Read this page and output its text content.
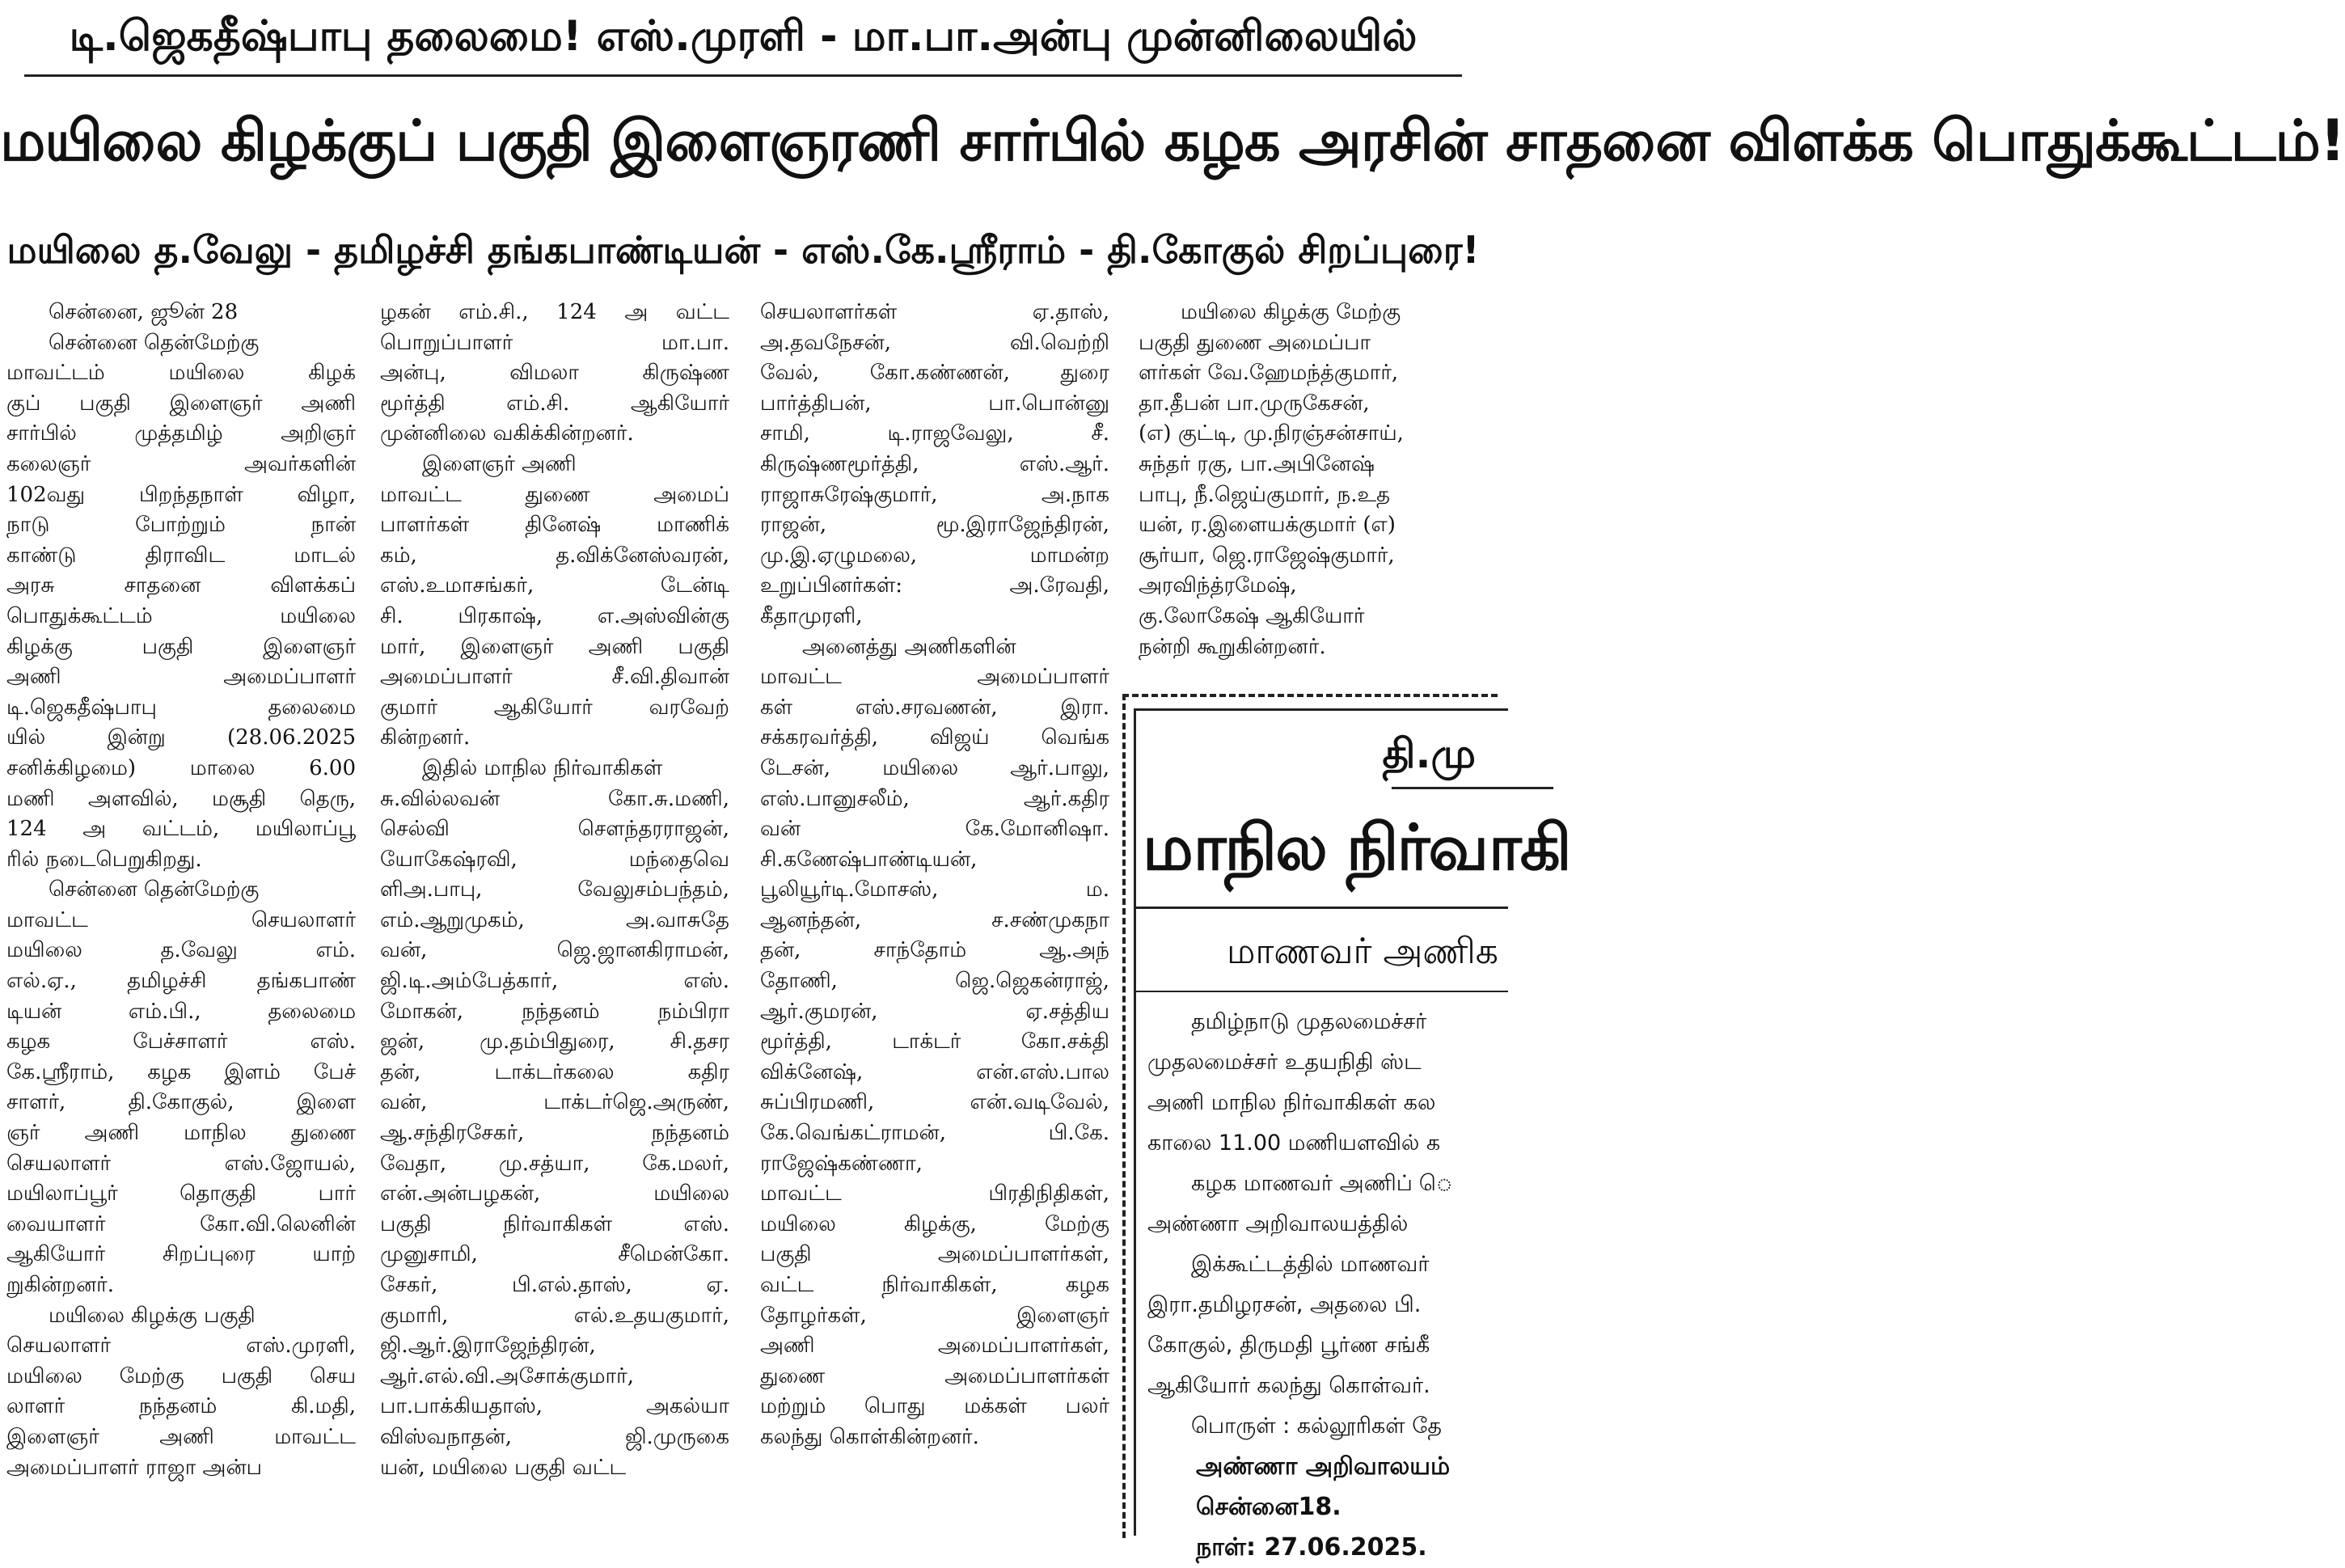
டி.ஜெகதீஷ்பாபு தலைமை! எஸ்.முரளி - மா.பா.அன்பு முன்னிலையில்
மயிலை கிழக்குப் பகுதி இளைஞரணி சார்பில் கழக அரசின் சாதனை விளக்க பொதுக்கூட்டம்!
மயிலை த.வேலு - தமிழச்சி தங்கபாண்டியன் - எஸ்.கே.ஸ்ரீராம் - தி.கோகுல் சிறப்புரை!
  சென்னை, ஜூன் 28
  சென்னை தென்மேற்கு
மாவட்டம் மயிலை கிழக்
குப் பகுதி இளைஞர் அணி
சார்பில் முத்தமிழ் அறிஞர்
கலைஞர் அவர்களின்
102வது பிறந்தநாள் விழா,
நாடு போற்றும் நான்
காண்டு திராவிட மாடல்
அரசு சாதனை விளக்கப்
பொதுக்கூட்டம் மயிலை
கிழக்கு பகுதி இளைஞர்
அணி அமைப்பாளர்
டி.ஜெகதீஷ்பாபு தலைமை
யில் இன்று (28.06.2025
சனிக்கிழமை) மாலை 6.00
மணி அளவில், மசூதி தெரு,
124 அ வட்டம், மயிலாப்பூ
ரில் நடைபெறுகிறது.
  சென்னை தென்மேற்கு
மாவட்ட செயலாளர்
மயிலை த.வேலு எம்.
எல்.ஏ., தமிழச்சி தங்கபாண்
டியன் எம்.பி., தலைமை
கழக பேச்சாளர் எஸ்.
கே.ஸ்ரீராம், கழக இளம் பேச்
சாளர், தி.கோகுல், இளை
ஞர் அணி மாநில துணை
செயலாளர் எஸ்.ஜோயல்,
மயிலாப்பூர் தொகுதி பார்
வையாளர் கோ.வி.லெனின்
ஆகியோர் சிறப்புரை யாற்
றுகின்றனர்.
  மயிலை கிழக்கு பகுதி
செயலாளர் எஸ்.முரளி,
மயிலை மேற்கு பகுதி செய
லாளர் நந்தனம் கி.மதி,
இளைஞர் அணி மாவட்ட
அமைப்பாளர் ராஜா அன்ப
ழகன் எம்.சி., 124 அ வட்ட
பொறுப்பாளர் மா.பா.
அன்பு, விமலா கிருஷ்ண
மூர்த்தி எம்.சி. ஆகியோர்
முன்னிலை வகிக்கின்றனர்.
  இளைஞர் அணி
மாவட்ட துணை அமைப்
பாளர்கள் தினேஷ் மாணிக்
கம், த.விக்னேஸ்வரன்,
எஸ்.உமாசங்கர், டேன்டி
சி. பிரகாஷ், எ.அஸ்வின்கு
மார், இளைஞர் அணி பகுதி
அமைப்பாளர் சீ.வி.திவான்
குமார் ஆகியோர் வரவேற்
கின்றனர்.
  இதில் மாநில நிர்வாகிகள்
சு.வில்லவன் கோ.சு.மணி,
செல்வி சௌந்தரராஜன்,
யோகேஷ்ரவி, மந்தைவெ
ளிஅ.பாபு, வேலுசம்பந்தம்,
எம்.ஆறுமுகம், அ.வாசுதே
வன், ஜெ.ஜானகிராமன்,
ஜி.டி.அம்பேத்கார், எஸ்.
மோகன், நந்தனம் நம்பிரா
ஜன், மு.தம்பிதுரை, சி.தசர
தன், டாக்டர்கலை கதிர
வன், டாக்டர்ஜெ.அருண்,
ஆ.சந்திரசேகர், நந்தனம்
வேதா, மு.சத்யா, கே.மலர்,
என்.அன்பழகன், மயிலை
பகுதி நிர்வாகிகள் எஸ்.
முனுசாமி, சீமென்கோ.
சேகர், பி.எல்.தாஸ், ஏ.
குமாரி, எல்.உதயகுமார்,
ஜி.ஆர்.இராஜேந்திரன்,
ஆர்.எல்.வி.அசோக்குமார்,
பா.பாக்கியதாஸ், அகல்யா
விஸ்வநாதன், ஜி.முருகை
யன், மயிலை பகுதி வட்ட
செயலாளர்கள் ஏ.தாஸ்,
அ.தவநேசன், வி.வெற்றி
வேல், கோ.கண்ணன், துரை
பார்த்திபன், பா.பொன்னு
சாமி, டி.ராஜவேலு, சீ.
கிருஷ்ணமூர்த்தி, எஸ்.ஆர்.
ராஜாசுரேஷ்குமார், அ.நாக
ராஜன், மூ.இராஜேந்திரன்,
மு.இ.ஏழுமலை, மாமன்ற
உறுப்பினர்கள்: அ.ரேவதி,
கீதாமுரளி,
  அனைத்து அணிகளின்
மாவட்ட அமைப்பாளர்
கள் எஸ்.சரவணன், இரா.
சக்கரவர்த்தி, விஜய் வெங்க
டேசன், மயிலை ஆர்.பாலு,
எஸ்.பானுசலீம், ஆர்.கதிர
வன் கே.மோனிஷா.
சி.கணேஷ்பாண்டியன்,
பூலியூர்டி.மோசஸ், ம.
ஆனந்தன், ச.சண்முகநா
தன், சாந்தோம் ஆ.அந்
தோணி, ஜெ.ஜெகன்ராஜ்,
ஆர்.குமரன், ஏ.சத்திய
மூர்த்தி, டாக்டர் கோ.சக்தி
விக்னேஷ், என்.எஸ்.பால
சுப்பிரமணி, என்.வடிவேல்,
கே.வெங்கட்ராமன், பி.கே.
ராஜேஷ்கண்ணா,
மாவட்ட பிரதிநிதிகள்,
மயிலை கிழக்கு, மேற்கு
பகுதி அமைப்பாளர்கள்,
வட்ட நிர்வாகிகள், கழக
தோழர்கள், இளைஞர்
அணி அமைப்பாளர்கள்,
துணை அமைப்பாளர்கள்
மற்றும் பொது மக்கள் பலர்
கலந்து கொள்கின்றனர்.
  மயிலை கிழக்கு மேற்கு
பகுதி துணை அமைப்பா
ளர்கள் வே.ஹேமந்த்குமார்,
தா.தீபன் பா.முருகேசன்,
(எ) குட்டி, மு.நிரஞ்சன்சாய்,
சுந்தர் ரகு, பா.அபினேஷ்
பாபு, நீ.ஜெய்குமார், ந.உத
யன், ர.இளையக்குமார் (எ)
சூர்யா, ஜெ.ராஜேஷ்குமார்,
அரவிந்த்ரமேஷ்,
கு.லோகேஷ் ஆகியோர்
நன்றி கூறுகின்றனர்.
தி.மு
மாநில நிர்வாகி
மாணவர் அணிக
  தமிழ்நாடு முதலமைச்சர்
முதலமைச்சர் உதயநிதி ஸ்ட
அணி மாநில நிர்வாகிகள் கல
காலை 11.00 மணியளவில் க
  கழக மாணவர் அணிப் ெ
அண்ணா அறிவாலயத்தில்
  இக்கூட்டத்தில் மாணவர்
இரா.தமிழரசன், அதலை பி.
கோகுல், திருமதி பூர்ண சங்கீ
ஆகியோர் கலந்து கொள்வர்.
  பொருள் : கல்லூரிகள் தே
  அண்ணா அறிவாலயம்
  சென்னை18.
  நாள்: 27.06.2025.
